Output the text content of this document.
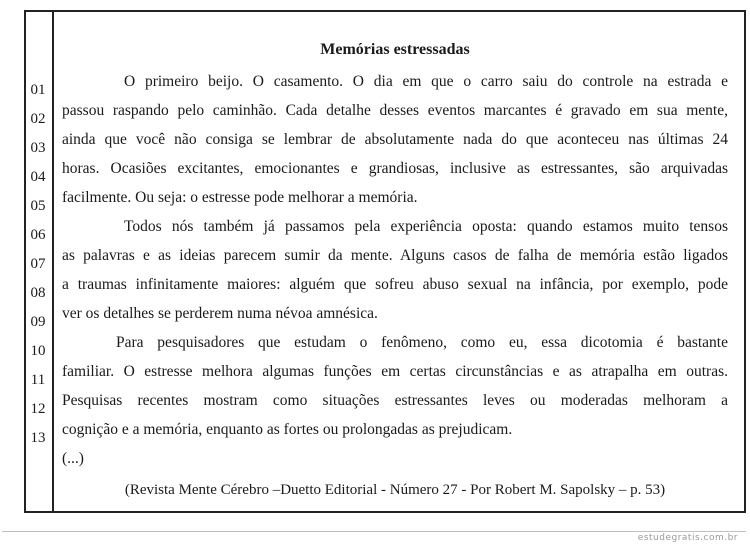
01
02
03
04
05
06
07
08
09
10
11
12
13
Memórias estressadas
O primeiro beijo. O casamento. O dia em que o carro saiu do controle na estrada e
passou raspando pelo caminhão. Cada detalhe desses eventos marcantes é gravado em sua mente,
ainda que você não consiga se lembrar de absolutamente nada do que aconteceu nas últimas 24
horas. Ocasiões excitantes, emocionantes e grandiosas, inclusive as estressantes, são arquivadas
facilmente. Ou seja: o estresse pode melhorar a memória.
Todos nós também já passamos pela experiência oposta: quando estamos muito tensos
as palavras e as ideias parecem sumir da mente. Alguns casos de falha de memória estão ligados
a traumas infinitamente maiores: alguém que sofreu abuso sexual na infância, por exemplo, pode
ver os detalhes se perderem numa névoa amnésica.
Para pesquisadores que estudam o fenômeno, como eu, essa dicotomia é bastante
familiar. O estresse melhora algumas funções em certas circunstâncias e as atrapalha em outras.
Pesquisas recentes mostram como situações estressantes leves ou moderadas melhoram a
cognição e a memória, enquanto as fortes ou prolongadas as prejudicam.
(...)
(Revista Mente Cérebro –Duetto Editorial - Número 27 - Por Robert M. Sapolsky – p. 53)
estudegratis.com.br
